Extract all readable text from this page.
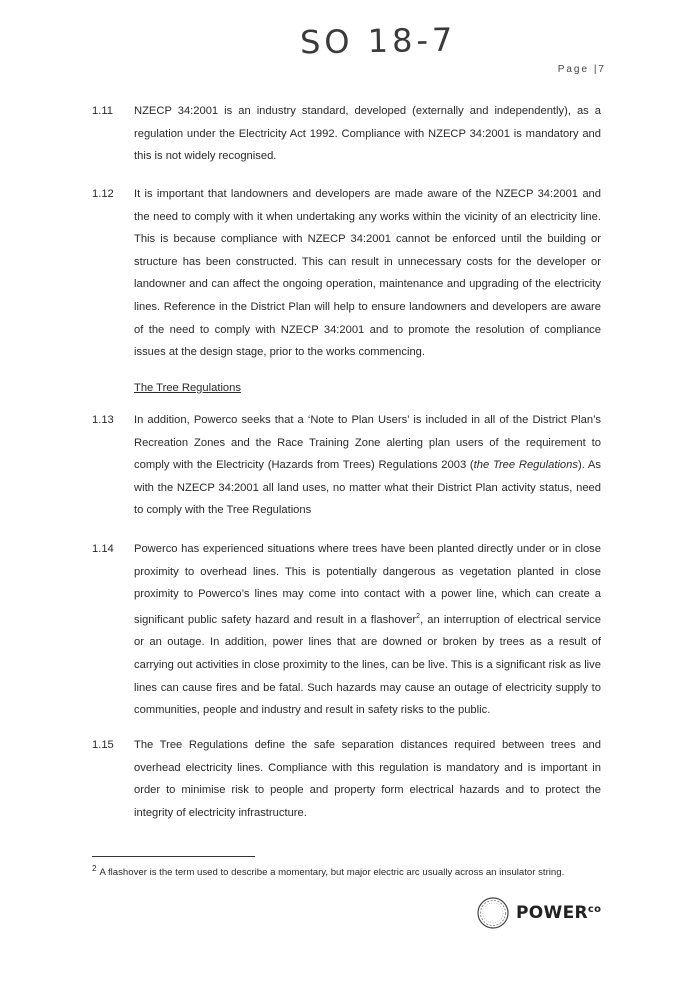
SO 18-7
Page |7
1.11	NZECP 34:2001 is an industry standard, developed (externally and independently), as a regulation under the Electricity Act 1992. Compliance with NZECP 34:2001 is mandatory and this is not widely recognised.
1.12	It is important that landowners and developers are made aware of the NZECP 34:2001 and the need to comply with it when undertaking any works within the vicinity of an electricity line. This is because compliance with NZECP 34:2001 cannot be enforced until the building or structure has been constructed. This can result in unnecessary costs for the developer or landowner and can affect the ongoing operation, maintenance and upgrading of the electricity lines. Reference in the District Plan will help to ensure landowners and developers are aware of the need to comply with NZECP 34:2001 and to promote the resolution of compliance issues at the design stage, prior to the works commencing.
The Tree Regulations
1.13	In addition, Powerco seeks that a ‘Note to Plan Users’ is included in all of the District Plan’s Recreation Zones and the Race Training Zone alerting plan users of the requirement to comply with the Electricity (Hazards from Trees) Regulations 2003 (the Tree Regulations). As with the NZECP 34:2001 all land uses, no matter what their District Plan activity status, need to comply with the Tree Regulations
1.14	Powerco has experienced situations where trees have been planted directly under or in close proximity to overhead lines. This is potentially dangerous as vegetation planted in close proximity to Powerco’s lines may come into contact with a power line, which can create a significant public safety hazard and result in a flashover$^2$, an interruption of electrical service or an outage. In addition, power lines that are downed or broken by trees as a result of carrying out activities in close proximity to the lines, can be live. This is a significant risk as live lines can cause fires and be fatal. Such hazards may cause an outage of electricity supply to communities, people and industry and result in safety risks to the public.
1.15	The Tree Regulations define the safe separation distances required between trees and overhead electricity lines. Compliance with this regulation is mandatory and is important in order to minimise risk to people and property form electrical hazards and to protect the integrity of electricity infrastructure.
$^2$ A flashover is the term used to describe a momentary, but major electric arc usually across an insulator string.
$POWER^{co}$
